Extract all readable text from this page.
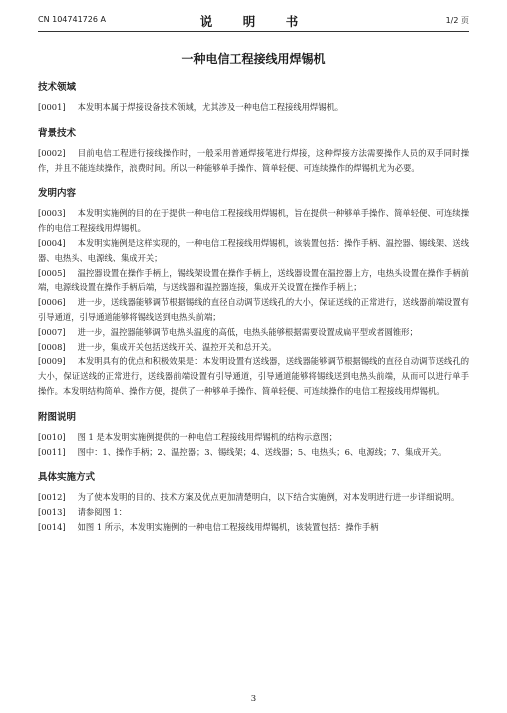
CN 104741726 A	说　明　书	1/2 页
一种电信工程接线用焊锡机
技术领域

[0001] 本发明本属于焊接设备技术领域，尤其涉及一种电信工程接线用焊锡机。

背景技术

[0002] 目前电信工程进行接线操作时，一般采用普通焊接笔进行焊接，这种焊接方法需要操作人员的双手同时操作，并且不能连续操作，浪费时间。所以一种能够单手操作、简单轻便、可连续操作的焊锡机尤为必要。

发明内容

[0003] 本发明实施例的目的在于提供一种电信工程接线用焊锡机，旨在提供一种够单手操作、简单轻便、可连续操作的电信工程接线用焊锡机。

[0004] 本发明实施例是这样实现的，一种电信工程接线用焊锡机，该装置包括：操作手柄、温控器、锡线架、送线器、电热头、电源线、集成开关；

[0005] 温控器设置在操作手柄上，锡线架设置在操作手柄上，送线器设置在温控器上方，电热头设置在操作手柄前端，电源线设置在操作手柄后端，与送线器和温控器连接，集成开关设置在操作手柄上；

[0006] 进一步，送线器能够调节根据锡线的直径自动调节送线孔的大小，保证送线的正常进行，送线器前端设置有引导通道，引导通道能够将锡线送到电热头前端；

[0007] 进一步，温控器能够调节电热头温度的高低，电热头能够根据需要设置成扁平型或者圆锥形；

[0008] 进一步，集成开关包括送线开关、温控开关和总开关。

[0009] 本发明具有的优点和积极效果是：本发明设置有送线器，送线器能够调节根据锡线的直径自动调节送线孔的大小，保证送线的正常进行，送线器前端设置有引导通道，引导通道能够将锡线送到电热头前端，从而可以进行单手操作。本发明结构简单、操作方便，提供了一种够单手操作、简单轻便、可连续操作的电信工程接线用焊锡机。

附图说明

[0010] 图 1 是本发明实施例提供的一种电信工程接线用焊锡机的结构示意图；

[0011] 图中：1、操作手柄；2、温控器；3、锡线架；4、送线器；5、电热头；6、电源线；7、集成开关。

具体实施方式

[0012] 为了使本发明的目的、技术方案及优点更加清楚明白，以下结合实施例，对本发明进行进一步详细说明。

[0013] 请参阅图 1：

[0014] 如图 1 所示，本发明实施例的一种电信工程接线用焊锡机，该装置包括：操作手柄

3
